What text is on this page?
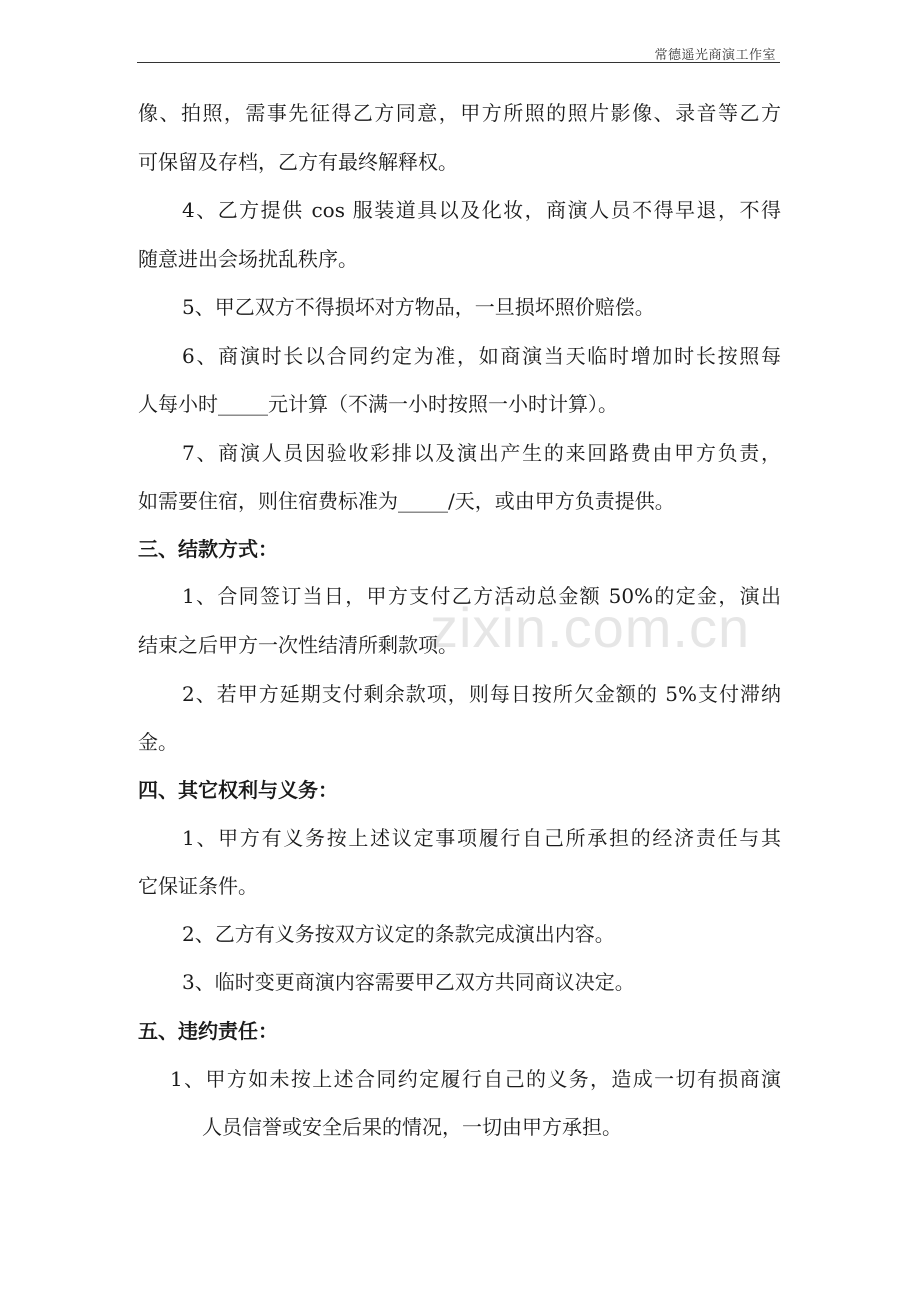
常德遥光商演工作室
zixin.com.cn
像、拍照，需事先征得乙方同意，甲方所照的照片影像、录音等乙方
可保留及存档，乙方有最终解释权。
4、乙方提供 cos 服装道具以及化妆，商演人员不得早退，不得
随意进出会场扰乱秩序。
5、甲乙双方不得损坏对方物品，一旦损坏照价赔偿。
6、商演时长以合同约定为准，如商演当天临时增加时长按照每
人每小时_____元计算（不满一小时按照一小时计算）。
7、商演人员因验收彩排以及演出产生的来回路费由甲方负责，
如需要住宿，则住宿费标准为_____/天，或由甲方负责提供。
三、结款方式：
1、合同签订当日，甲方支付乙方活动总金额 50%的定金，演出
结束之后甲方一次性结清所剩款项。
2、若甲方延期支付剩余款项，则每日按所欠金额的 5%支付滞纳
金。
四、其它权利与义务：
1、甲方有义务按上述议定事项履行自己所承担的经济责任与其
它保证条件。
2、乙方有义务按双方议定的条款完成演出内容。
3、临时变更商演内容需要甲乙双方共同商议决定。
五、违约责任：
1、甲方如未按上述合同约定履行自己的义务，造成一切有损商演
人员信誉或安全后果的情况，一切由甲方承担。
